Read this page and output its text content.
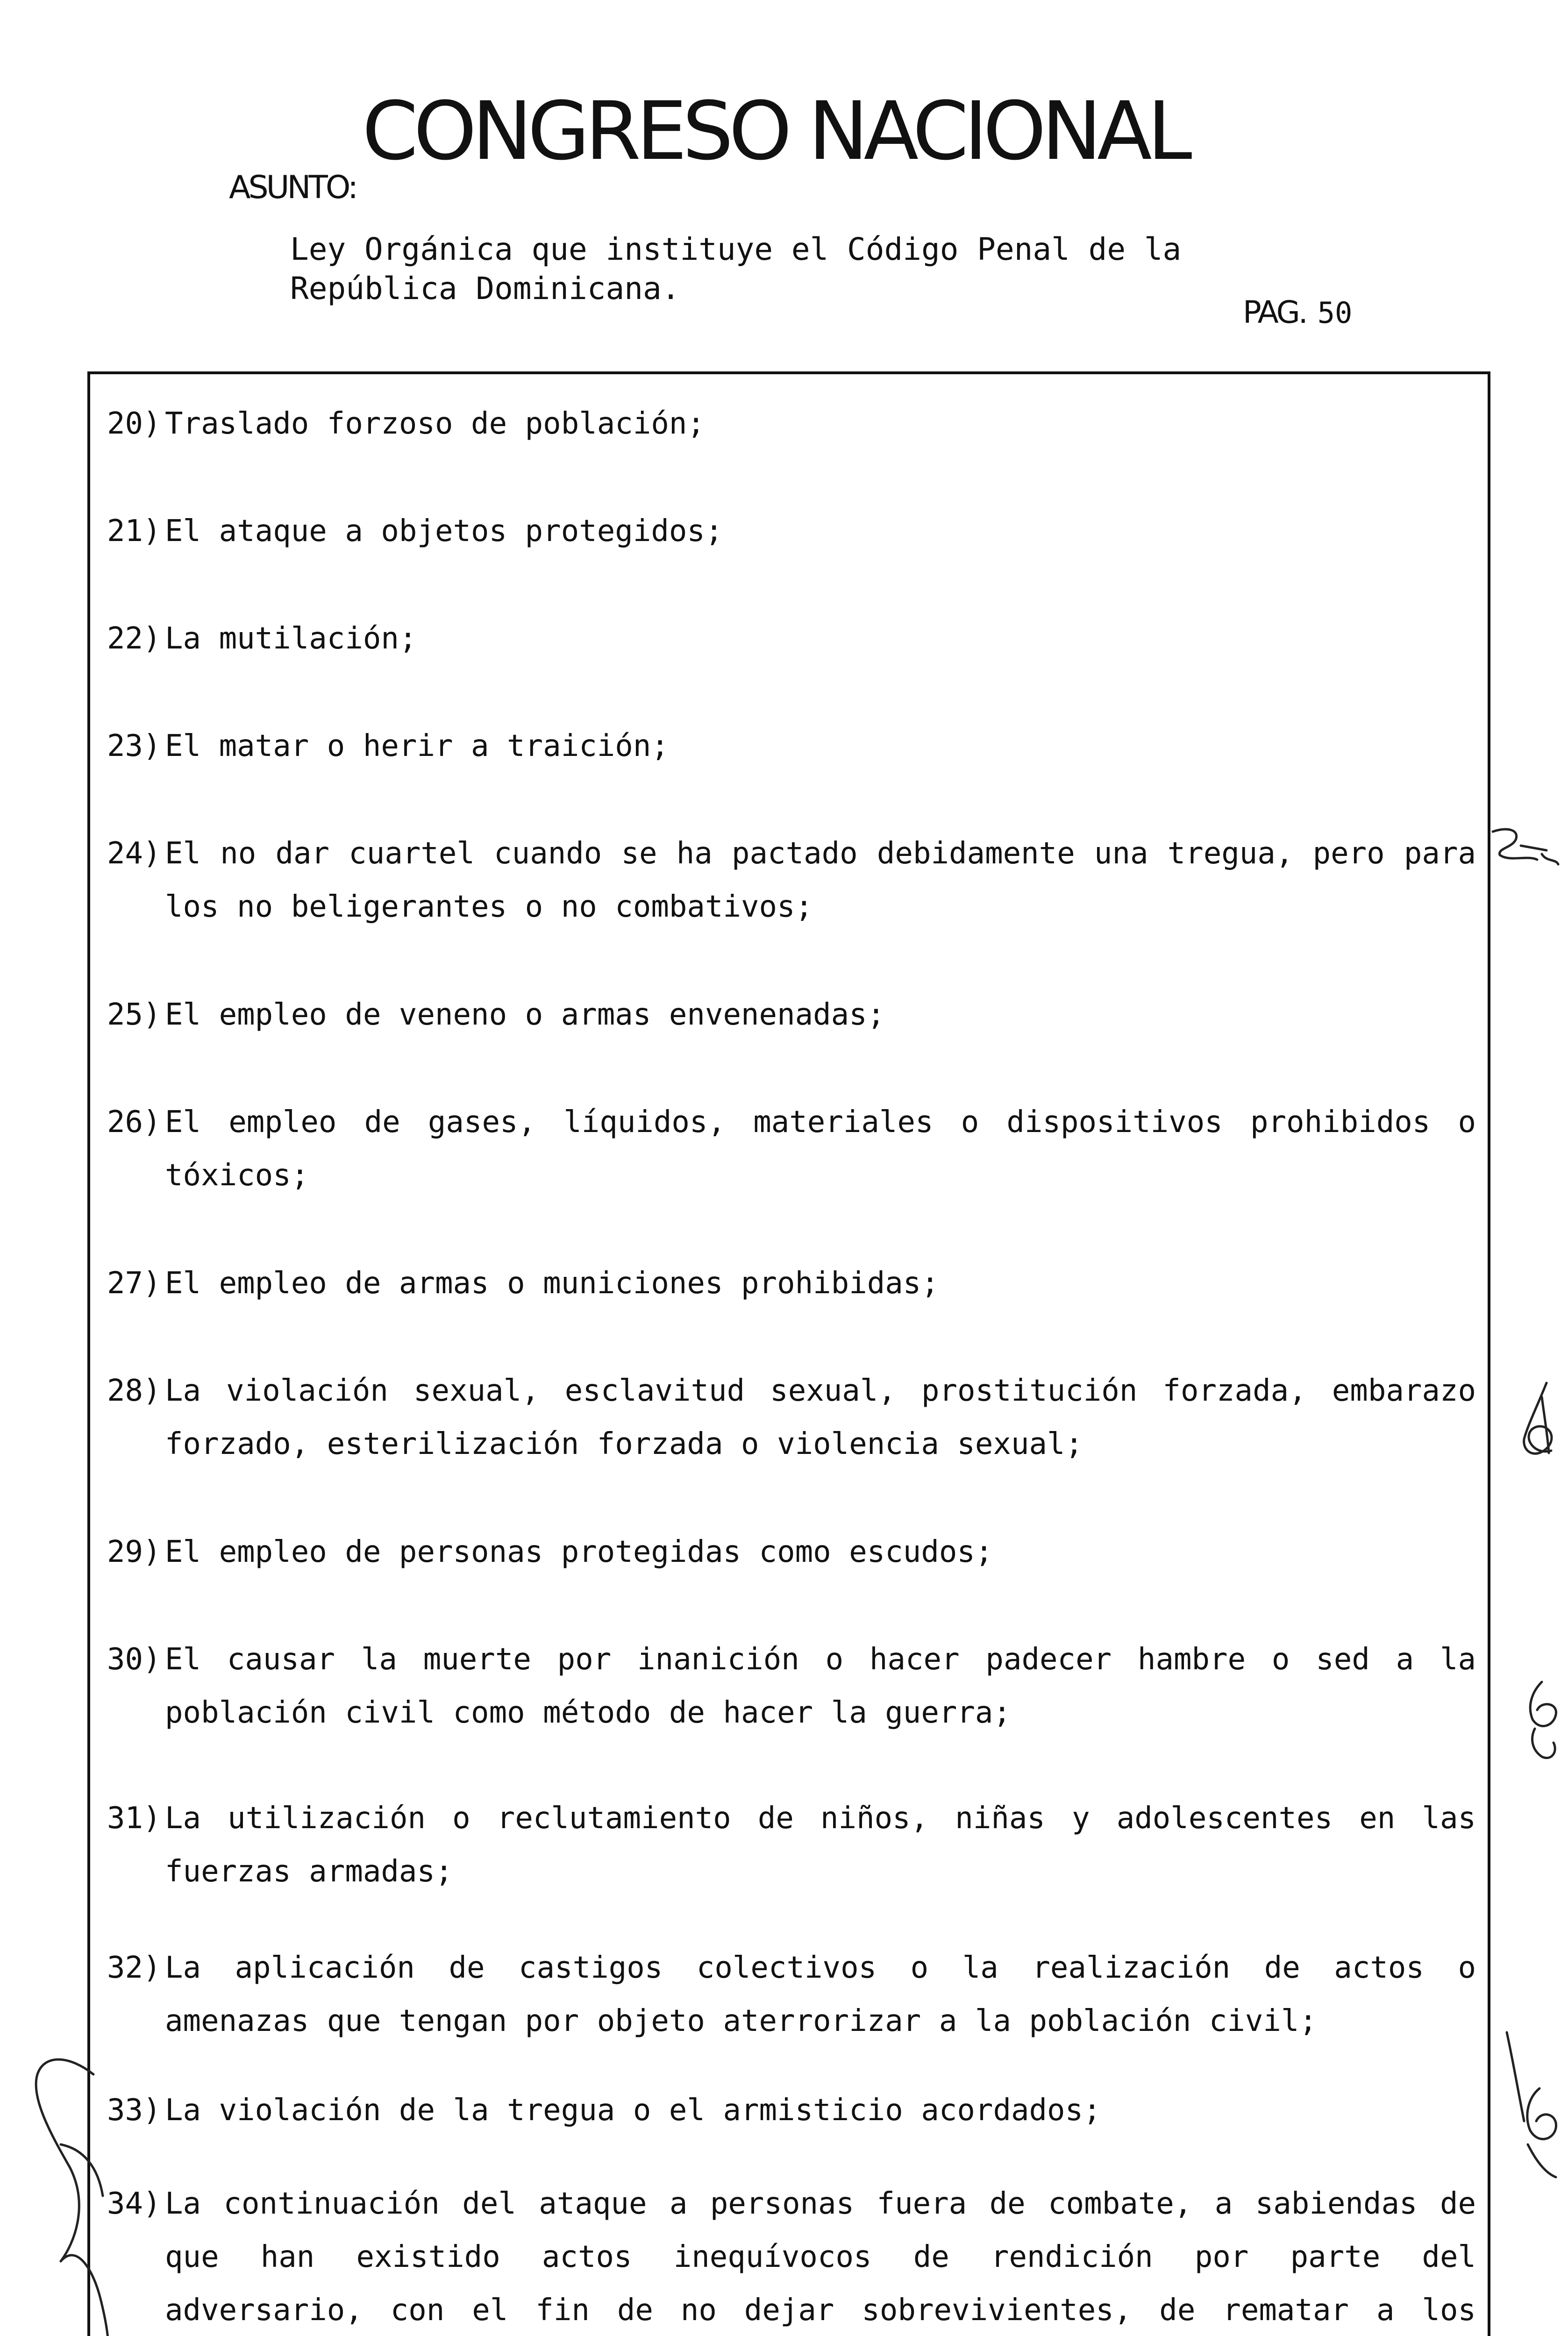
CONGRESO NACIONAL
ASUNTO:
Ley Orgánica que instituye el Código Penal de la
República Dominicana.
PAG. 50
20) Traslado forzoso de población;
21) El ataque a objetos protegidos;
22) La mutilación;
23) El matar o herir a traición;
24) El no dar cuartel cuando se ha pactado debidamente una tregua, pero para los no beligerantes o no combativos;
25) El empleo de veneno o armas envenenadas;
26) El empleo de gases, líquidos, materiales o dispositivos prohibidos o tóxicos;
27) El empleo de armas o municiones prohibidas;
28) La violación sexual, esclavitud sexual, prostitución forzada, embarazo forzado, esterilización forzada o violencia sexual;
29) El empleo de personas protegidas como escudos;
30) El causar la muerte por inanición o hacer padecer hambre o sed a la población civil como método de hacer la guerra;
31) La utilización o reclutamiento de niños, niñas y adolescentes en las fuerzas armadas;
32) La aplicación de castigos colectivos o la realización de actos o amenazas que tengan por objeto aterrorizar a la población civil;
33) La violación de la tregua o el armisticio acordados;
34) La continuación del ataque a personas fuera de combate, a sabiendas de que han existido actos inequívocos de rendición por parte del adversario, con el fin de no dejar sobrevivientes, de rematar a los
